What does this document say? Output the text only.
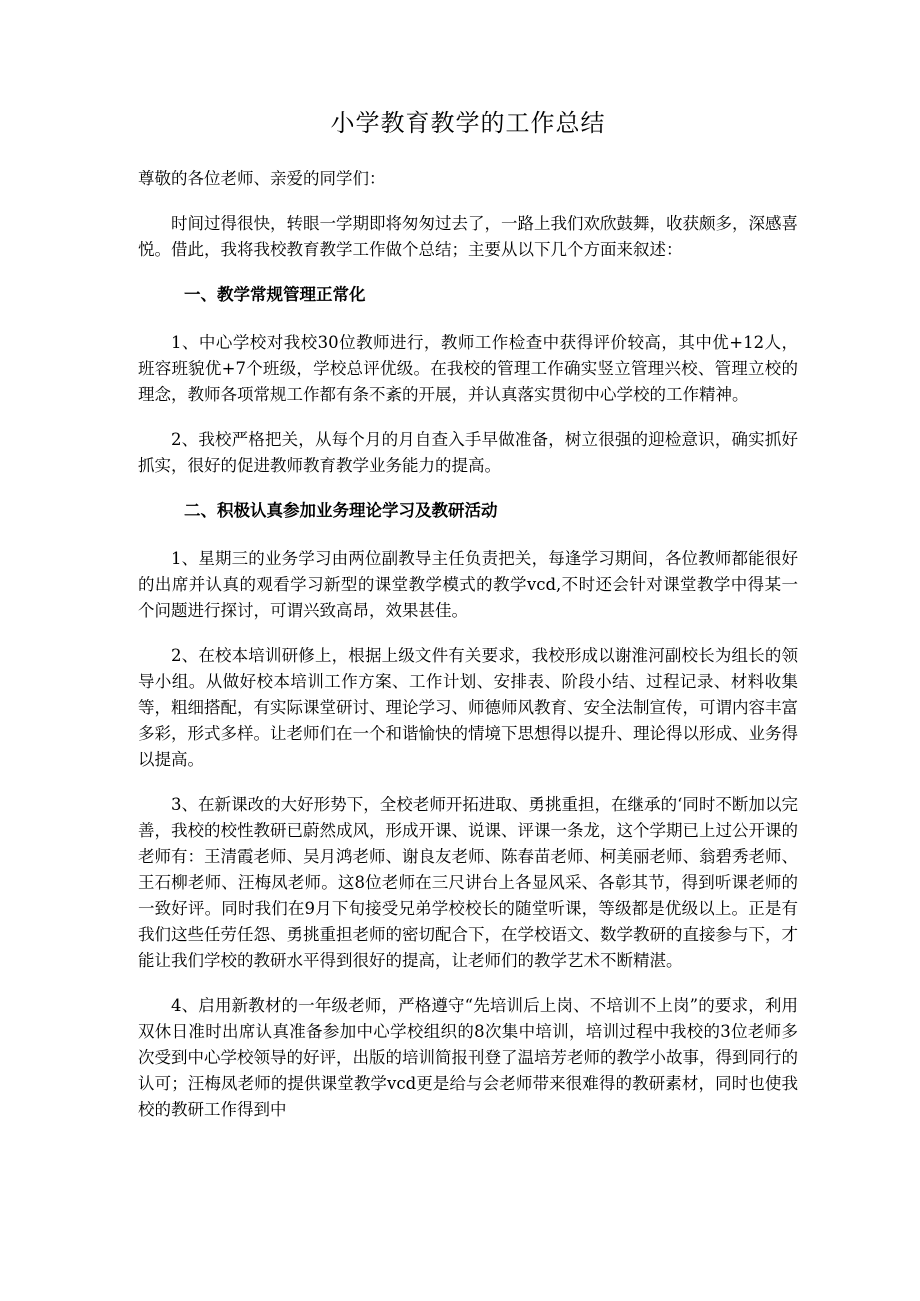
小学教育教学的工作总结

尊敬的各位老师、亲爱的同学们：

时间过得很快，转眼一学期即将匆匆过去了，一路上我们欢欣鼓舞，收获颇多，深感喜悦。借此，我将我校教育教学工作做个总结；主要从以下几个方面来叙述：

一、教学常规管理正常化

1、中心学校对我校30位教师进行，教师工作检查中获得评价较高，其中优+12人，班容班貌优+7个班级，学校总评优级。在我校的管理工作确实竖立管理兴校、管理立校的理念，教师各项常规工作都有条不紊的开展，并认真落实贯彻中心学校的工作精神。

2、我校严格把关，从每个月的月自查入手早做准备，树立很强的迎检意识，确实抓好抓实，很好的促进教师教育教学业务能力的提高。

二、积极认真参加业务理论学习及教研活动

1、星期三的业务学习由两位副教导主任负责把关，每逢学习期间，各位教师都能很好的出席并认真的观看学习新型的课堂教学模式的教学vcd,不时还会针对课堂教学中得某一个问题进行探讨，可谓兴致高昂，效果甚佳。

2、在校本培训研修上，根据上级文件有关要求，我校形成以谢淮河副校长为组长的领导小组。从做好校本培训工作方案、工作计划、安排表、阶段小结、过程记录、材料收集等，粗细搭配，有实际课堂研讨、理论学习、师德师风教育、安全法制宣传，可谓内容丰富多彩，形式多样。让老师们在一个和谐愉快的情境下思想得以提升、理论得以形成、业务得以提高。

3、在新课改的大好形势下，全校老师开拓进取、勇挑重担，在继承的‘同时不断加以完善，我校的校性教研已蔚然成风，形成开课、说课、评课一条龙，这个学期已上过公开课的老师有：王清霞老师、吴月鸿老师、谢良友老师、陈春苗老师、柯美丽老师、翁碧秀老师、王石柳老师、汪梅凤老师。这8位老师在三尺讲台上各显风采、各彰其节，得到听课老师的一致好评。同时我们在9月下旬接受兄弟学校校长的随堂听课，等级都是优级以上。正是有我们这些任劳任怨、勇挑重担老师的密切配合下，在学校语文、数学教研的直接参与下，才能让我们学校的教研水平得到很好的提高，让老师们的教学艺术不断精湛。

4、启用新教材的一年级老师，严格遵守“先培训后上岗、不培训不上岗”的要求，利用双休日准时出席认真准备参加中心学校组织的8次集中培训，培训过程中我校的3位老师多次受到中心学校领导的好评，出版的培训简报刊登了温培芳老师的教学小故事，得到同行的认可；汪梅凤老师的提供课堂教学vcd更是给与会老师带来很难得的教研素材，同时也使我校的教研工作得到中
